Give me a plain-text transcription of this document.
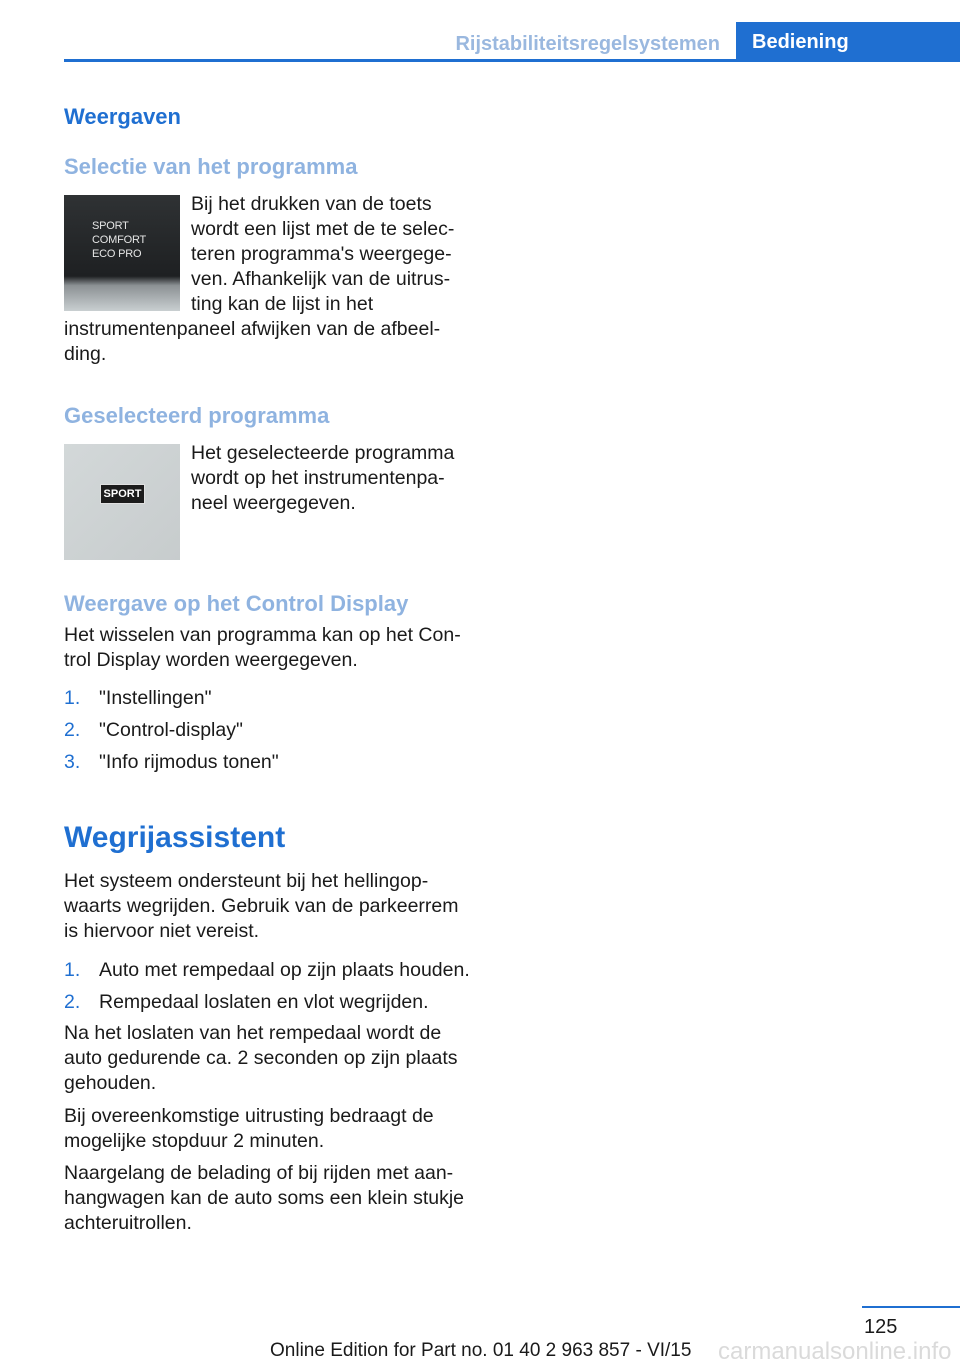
Rijstabiliteitsregelsystemen	Bediening
Weergaven
Selectie van het programma
SPORT
COMFORT
ECO PRO
Bij het drukken van de toets
wordt een lijst met de te selec‐
teren programma's weergege‐
ven. Afhankelijk van de uitrus‐
ting kan de lijst in het
instrumentenpaneel afwijken van de afbeel‐
ding.
Geselecteerd programma
SPORT
Het geselecteerde programma
wordt op het instrumentenpa‐
neel weergegeven.
Weergave op het Control Display
Het wisselen van programma kan op het Con‐
trol Display worden weergegeven.
1. "Instellingen"
2. "Control-display"
3. "Info rijmodus tonen"
Wegrijassistent
Het systeem ondersteunt bij het hellingop‐
waarts wegrijden. Gebruik van de parkeerrem
is hiervoor niet vereist.
1. Auto met rempedaal op zijn plaats houden.
2. Rempedaal loslaten en vlot wegrijden.
Na het loslaten van het rempedaal wordt de
auto gedurende ca. 2 seconden op zijn plaats
gehouden.
Bij overeenkomstige uitrusting bedraagt de
mogelijke stopduur 2 minuten.
Naargelang de belading of bij rijden met aan‐
hangwagen kan de auto soms een klein stukje
achteruitrollen.
125
Online Edition for Part no. 01 40 2 963 857 - VI/15 carmanualsonline.info
